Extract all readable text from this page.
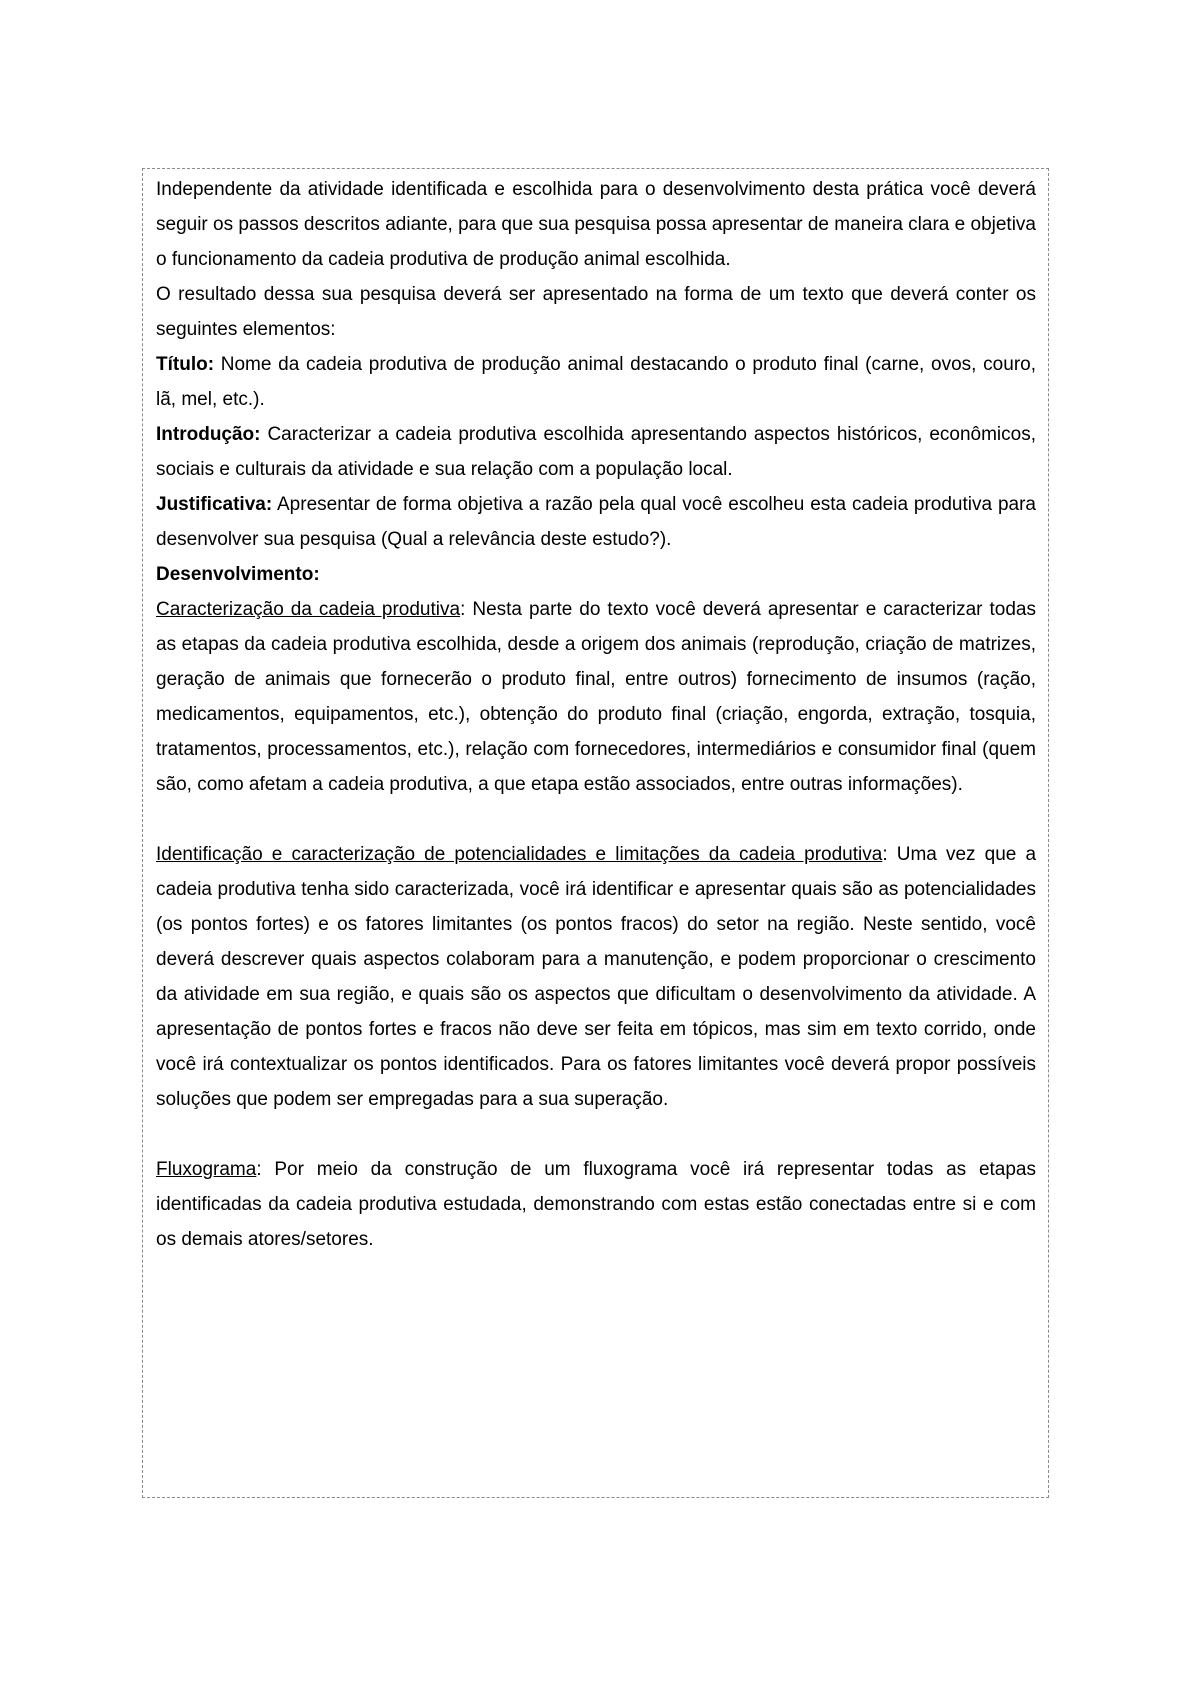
Independente da atividade identificada e escolhida para o desenvolvimento desta prática você deverá seguir os passos descritos adiante, para que sua pesquisa possa apresentar de maneira clara e objetiva o funcionamento da cadeia produtiva de produção animal escolhida.

O resultado dessa sua pesquisa deverá ser apresentado na forma de um texto que deverá conter os seguintes elementos:

Título: Nome da cadeia produtiva de produção animal destacando o produto final (carne, ovos, couro, lã, mel, etc.).

Introdução: Caracterizar a cadeia produtiva escolhida apresentando aspectos históricos, econômicos, sociais e culturais da atividade e sua relação com a população local.

Justificativa: Apresentar de forma objetiva a razão pela qual você escolheu esta cadeia produtiva para desenvolver sua pesquisa (Qual a relevância deste estudo?).

Desenvolvimento:

Caracterização da cadeia produtiva: Nesta parte do texto você deverá apresentar e caracterizar todas as etapas da cadeia produtiva escolhida, desde a origem dos animais (reprodução, criação de matrizes, geração de animais que fornecerão o produto final, entre outros) fornecimento de insumos (ração, medicamentos, equipamentos, etc.), obtenção do produto final (criação, engorda, extração, tosquia, tratamentos, processamentos, etc.), relação com fornecedores, intermediários e consumidor final (quem são, como afetam a cadeia produtiva, a que etapa estão associados, entre outras informações).

Identificação e caracterização de potencialidades e limitações da cadeia produtiva: Uma vez que a cadeia produtiva tenha sido caracterizada, você irá identificar e apresentar quais são as potencialidades (os pontos fortes) e os fatores limitantes (os pontos fracos) do setor na região. Neste sentido, você deverá descrever quais aspectos colaboram para a manutenção, e podem proporcionar o crescimento da atividade em sua região, e quais são os aspectos que dificultam o desenvolvimento da atividade. A apresentação de pontos fortes e fracos não deve ser feita em tópicos, mas sim em texto corrido, onde você irá contextualizar os pontos identificados. Para os fatores limitantes você deverá propor possíveis soluções que podem ser empregadas para a sua superação.

Fluxograma: Por meio da construção de um fluxograma você irá representar todas as etapas identificadas da cadeia produtiva estudada, demonstrando com estas estão conectadas entre si e com os demais atores/setores.
